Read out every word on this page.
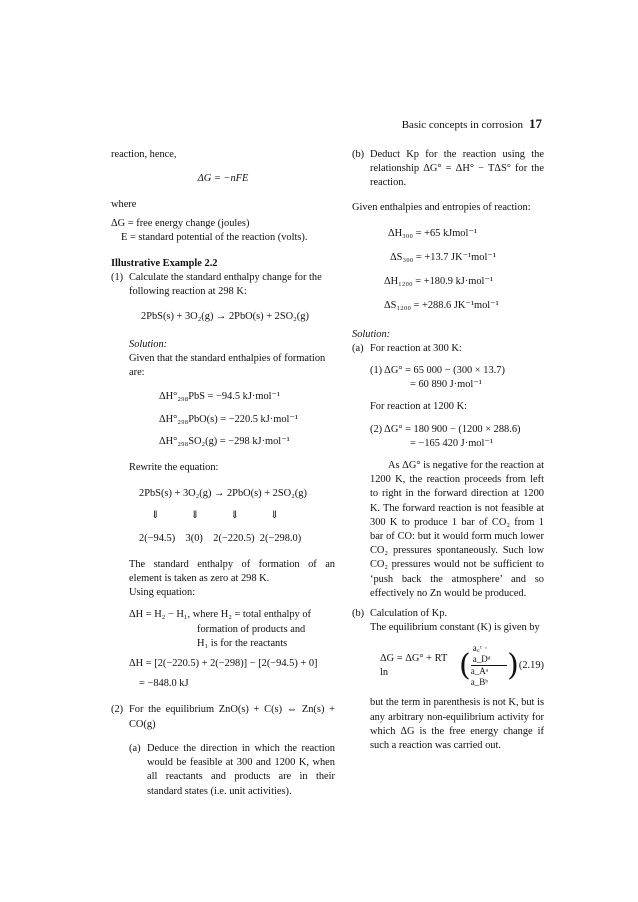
Basic concepts in corrosion 17

reaction, hence,

ΔG = −nFE

where

ΔG = free energy change (joules)

E = standard potential of the reaction (volts).

Illustrative Example 2.2

(1) Calculate the standard enthalpy change for the following reaction at 298 K:

2PbS(s) + 3O₂(g) → 2PbO(s) + 2SO₂(g)

Solution:

Given that the standard enthalpies of formation are:

ΔH°₂₉₈PbS = −94.5 kJ·mol⁻¹

ΔH°₂₉₈PbO(s) = −220.5 kJ·mol⁻¹

ΔH°₂₉₈SO₂(g) = −298 kJ·mol⁻¹

Rewrite the equation:

2PbS(s) + 3O₂(g) → 2PbO(s) + 2SO₂(g)

⇓	⇓	⇓	⇓

2(−94.5)    3(0)    2(−220.5)  2(−298.0)

The standard enthalpy of formation of an element is taken as zero at 298 K.

Using equation:

ΔH = H₂ − H₁, where H₂ = total enthalpy of

formation of products and

H₁ is for the reactants

ΔH = [2(−220.5) + 2(−298)] − [2(−94.5) + 0]

= −848.0 kJ

(2) For the equilibrium ZnO(s) + C(s) ⇔ Zn(s) + CO(g)
(a) Deduce the direction in which the reaction would be feasible at 300 and 1200 K, when all reactants and products are in their standard states (i.e. unit activities).
(b) Deduct Kp for the reaction using the relationship ΔG° = ΔH° − TΔS° for the reaction.

Given enthalpies and entropies of reaction:

ΔH₃₀₀ = +65 kJmol⁻¹

ΔS₃₀₀ = +13.7 JK⁻¹mol⁻¹

ΔH₁₂₀₀ = +180.9 kJ·mol⁻¹

ΔS₁₂₀₀ = +288.6 JK⁻¹mol⁻¹

Solution:

(a) For reaction at 300 K:

(1) ΔG° = 65 000 − (300 × 13.7)

= 60 890 J·mol⁻¹

For reaction at 1200 K:

(2) ΔG° = 180 900 − (1200 × 288.6)

= −165 420 J·mol⁻¹

As ΔG° is negative for the reaction at 1200 K, the reaction proceeds from left to right in the forward direction at 1200 K. The forward reaction is not feasible at 300 K to produce 1 bar of CO₂ from 1 bar of CO: but it would form much lower CO₂ pressures spontaneously. Such low CO₂ pressures would not be sufficient to ‘push back the atmosphere’ and so effectively no Zn would be produced.

(b) Calculation of Kp.

The equilibrium constant (K) is given by

ΔG = ΔG° + RT ln	( $\frac{\text{a꜀ᶜ · a\_Dᵈ}}{\text{a\_Aᵃ a\_Bᵇ}}$ ) (2.19)

but the term in parenthesis is not K, but is any arbitrary non-equilibrium activity for which ΔG is the free energy change if such a reaction was carried out.
